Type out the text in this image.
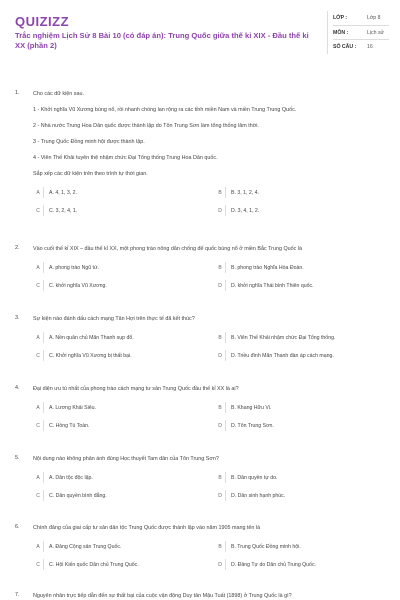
QUIZIZZ
Trắc nghiệm Lịch Sử 8 Bài 10 (có đáp án): Trung Quốc giữa thế kỉ XIX - Đầu thế kỉ XX (phần 2)
LỚP :	Lớp 8
MÔN :	Lịch sử
SỐ CÂU : 16
1.	Cho các dữ kiện sau.
1 - Khởi nghĩa Vũ Xương bùng nổ, rồi nhanh chóng lan rộng ra các tỉnh miền Nam và miền Trung Trung Quốc.
2 - Nhà nước Trung Hoa Dân quốc được thành lập do Tôn Trung Sơn làm tổng thống lâm thời.
3 - Trung Quốc Đồng minh hội được thành lập.
4 - Viên Thế Khải tuyên thệ nhậm chức Đại Tổng thống Trung Hoa Dân quốc.
Sắp xếp các dữ kiện trên theo trình tự thời gian.
A	A. 4, 1, 3, 2.	B	B. 3, 1, 2, 4.
C	C. 3, 2, 4, 1.	D	D. 3, 4, 1, 2.
2.	Vào cuối thế kỉ XIX – đầu thế kỉ XX, một phong trào nông dân chống đế quốc bùng nổ ở miền Bắc Trung Quốc là
A	A. phong trào Ngũ tứ.	B	B. phong trào Nghĩa Hòa Đoàn.
C	C. khởi nghĩa Vũ Xương.	D	D. khởi nghĩa Thái bình Thiên quốc.
3.	Sự kiện nào đánh dấu cách mạng Tân Hợi trên thực tế đã kết thúc?
A	A. Nền quân chủ Mãn Thanh sụp đổ.	B	B. Viên Thế Khải nhậm chức Đại Tổng thống.
C	C. Khởi nghĩa Vũ Xương bị thất bại.	D	D. Triều đình Mãn Thanh đàn áp cách mạng.
4.	Đại diện ưu tú nhất của phong trào cách mạng tư sản Trung Quốc đầu thế kỉ XX là ai?
A	A. Lương Khải Siêu.	B	B. Khang Hữu Vi.
C	C. Hồng Tú Toàn.	D	D. Tôn Trung Sơn.
5.	Nội dung nào không phản ánh đúng Học thuyết Tam dân của Tôn Trung Sơn?
A	A. Dân tộc độc lập.	B	B. Dân quyền tự do.
C	C. Dân quyền bình đẳng.	D	D. Dân sinh hạnh phúc.
6.	Chính đảng của giai cấp tư sản dân tộc Trung Quốc được thành lập vào năm 1905 mang tên là
A	A. Đảng Cộng sản Trung Quốc.	B	B. Trung Quốc Đồng minh hội.
C	C. Hội Kiến quốc Dân chủ Trung Quốc.	D	D. Đảng Tự do Dân chủ Trung Quốc.
7.	Nguyên nhân trực tiếp dẫn đến sự thất bại của cuộc vận động Duy tân Mậu Tuất (1898) ở Trung Quốc là gì?
